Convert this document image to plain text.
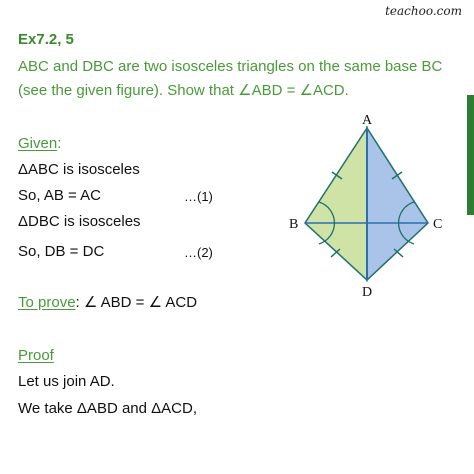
teachoo.com
Ex7.2, 5
ABC and DBC are two isosceles triangles on the same base BC (see the given figure). Show that ∠ABD = ∠ACD.
Given:
ΔABC is isosceles
So, AB = AC	…(1)
ΔDBC is isosceles
So, DB = DC	…(2)
To prove: ∠ ABD = ∠ ACD
Proof
Let us join AD.
We take ΔABD and ΔACD,
A
B	C
D
